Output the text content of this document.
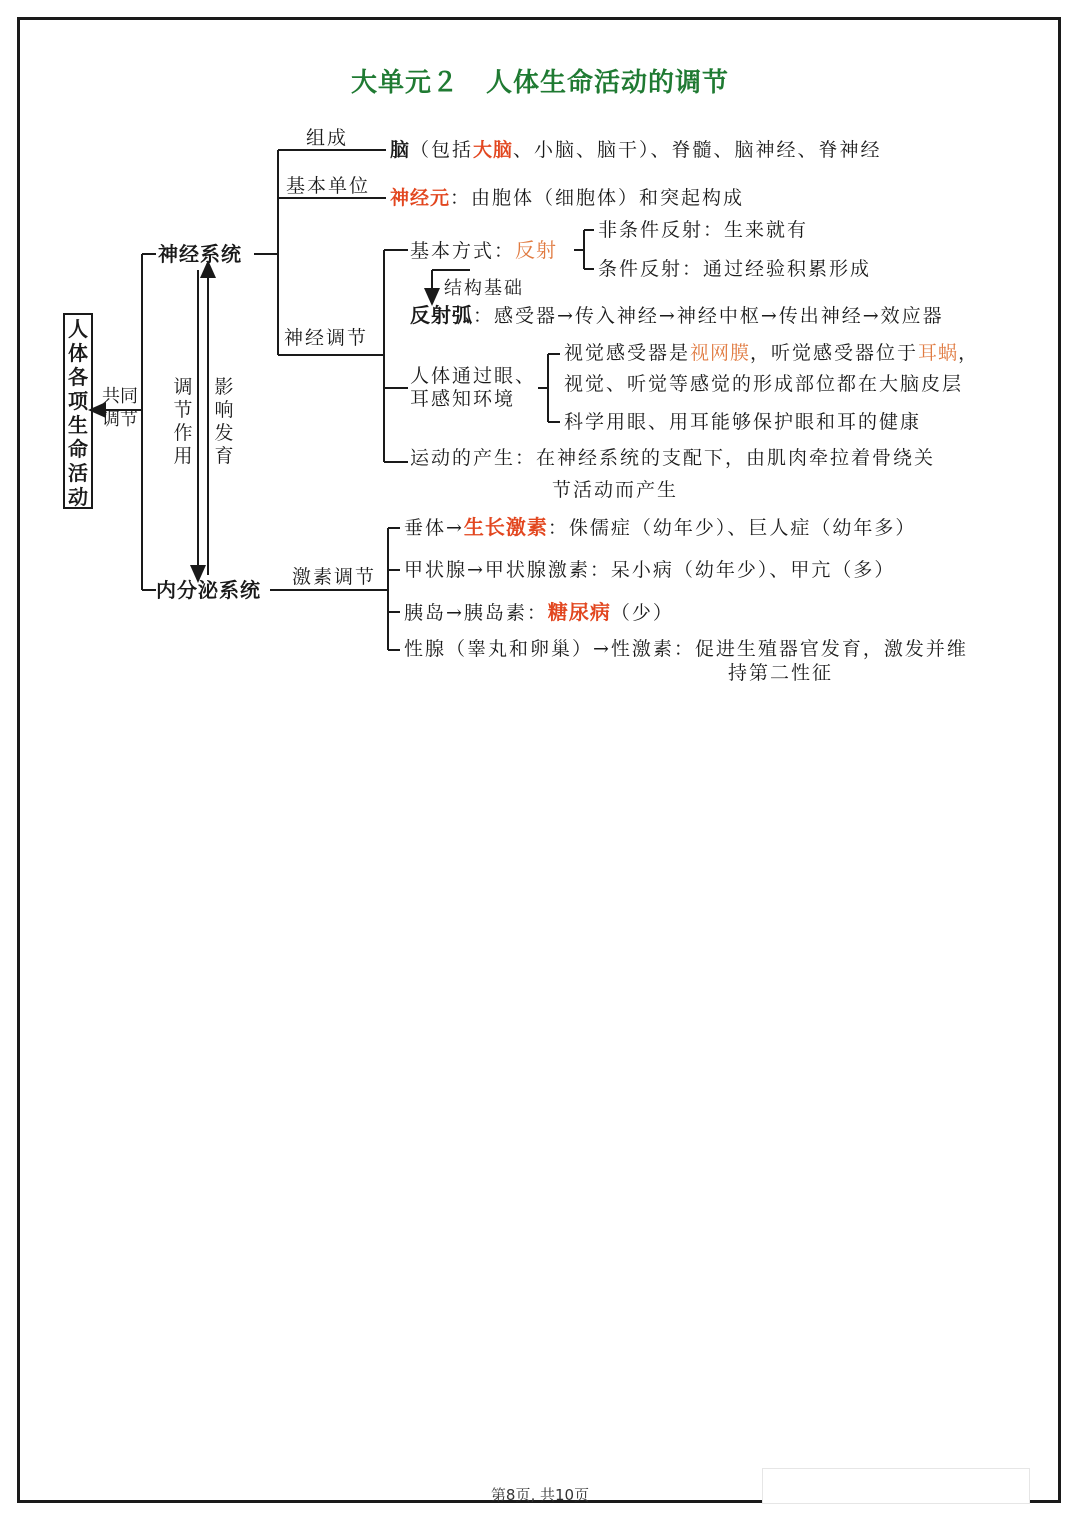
大单元２　人体生命活动的调节
人体各项生命活动
共同调节
调节作用
影响发育
神经系统
组成
脑（包括大脑、小脑、脑干）、脊髓、脑神经、脊神经
基本单位
神经元：由胞体（细胞体）和突起构成
神经调节
基本方式：反射
非条件反射：生来就有
条件反射：通过经验积累形成
结构基础
反射弧：感受器→传入神经→神经中枢→传出神经→效应器
人体通过眼、
耳感知环境
视觉感受器是视网膜，听觉感受器位于耳蜗，
视觉、听觉等感觉的形成部位都在大脑皮层
科学用眼、用耳能够保护眼和耳的健康
运动的产生：在神经系统的支配下，由肌肉牵拉着骨绕关
节活动而产生
内分泌系统
激素调节
垂体→生长激素：侏儒症（幼年少）、巨人症（幼年多）
甲状腺→甲状腺激素：呆小病（幼年少）、甲亢（多）
胰岛→胰岛素：糖尿病（少）
性腺（睾丸和卵巢）→性激素：促进生殖器官发育，激发并维
持第二性征
第8页, 共10页
